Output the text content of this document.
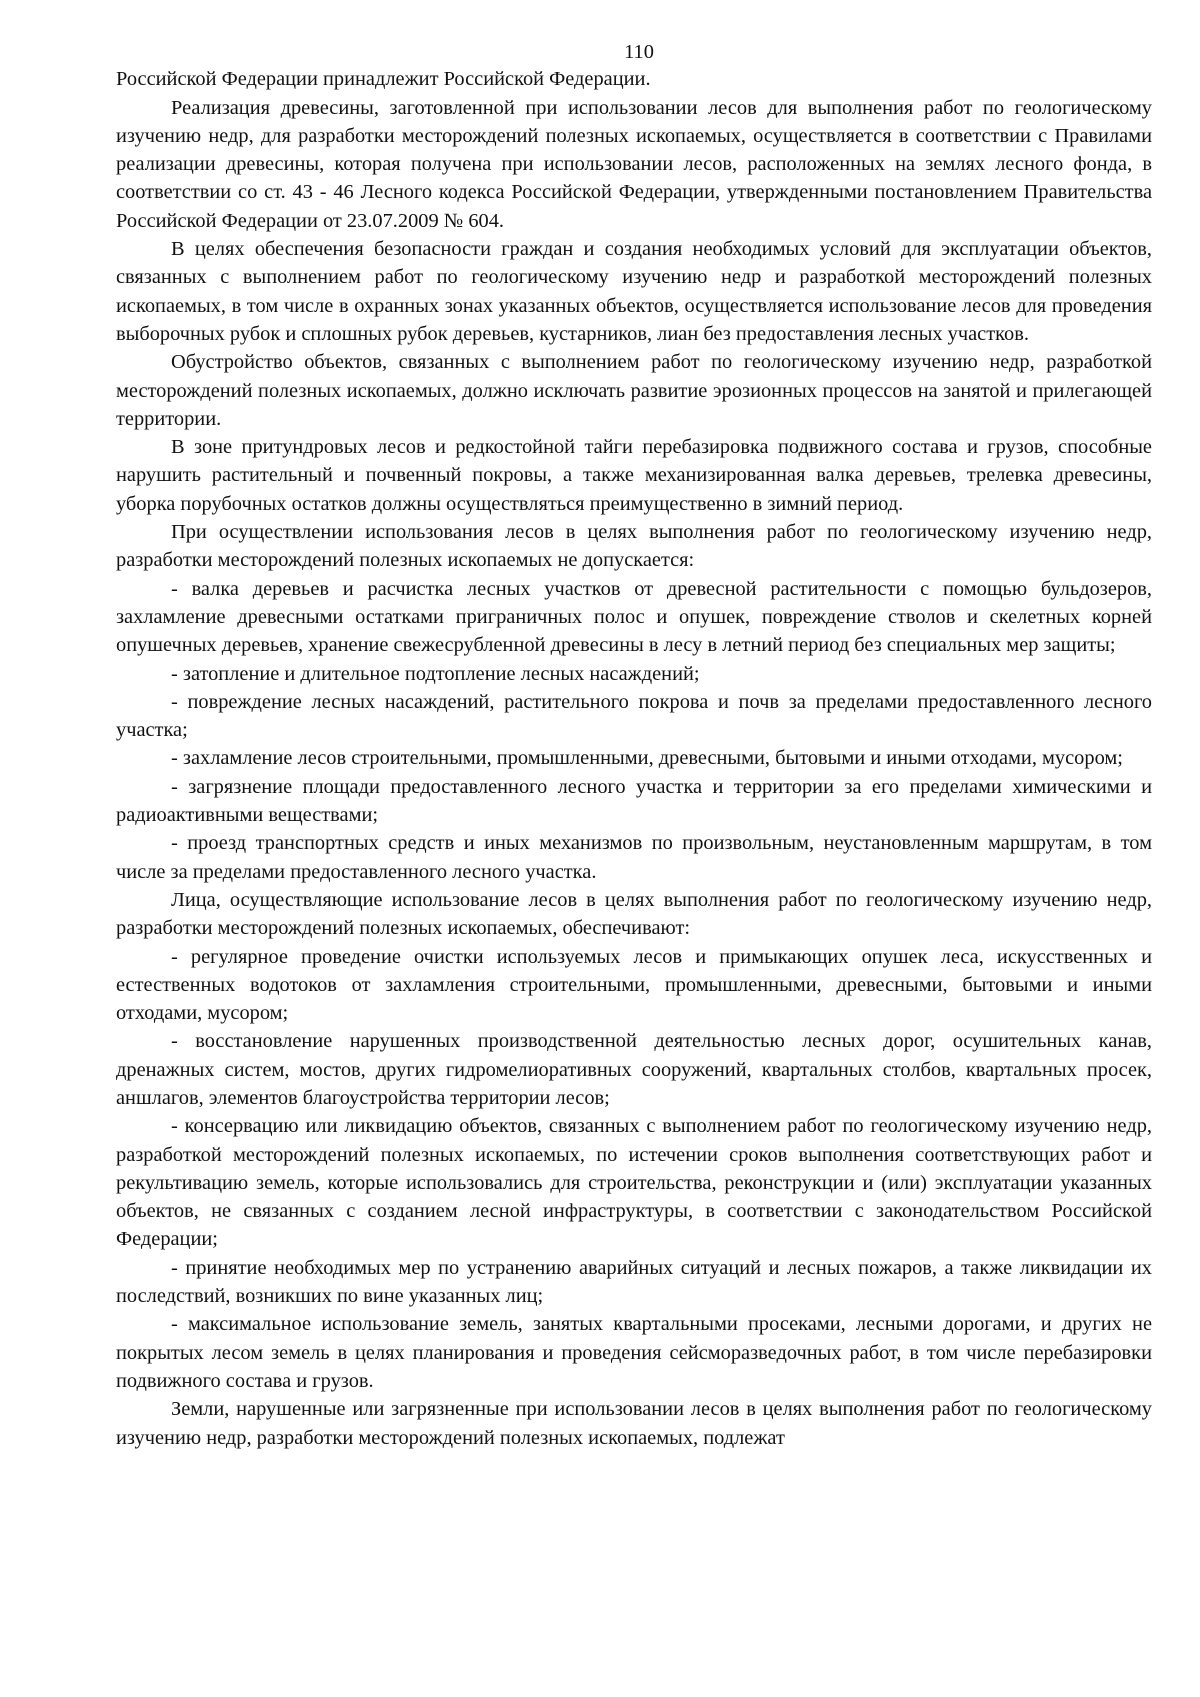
110

Российской Федерации принадлежит Российской Федерации.

Реализация древесины, заготовленной при использовании лесов для выполнения работ по геологическому изучению недр, для разработки месторождений полезных ископаемых, осуществляется в соответствии с Правилами реализации древесины, которая получена при использовании лесов, расположенных на землях лесного фонда, в соответствии со ст. 43 - 46 Лесного кодекса Российской Федерации, утвержденными постановлением Правительства Российской Федерации от 23.07.2009 № 604.

В целях обеспечения безопасности граждан и создания необходимых условий для эксплуатации объектов, связанных с выполнением работ по геологическому изучению недр и разработкой месторождений полезных ископаемых, в том числе в охранных зонах указанных объектов, осуществляется использование лесов для проведения выборочных рубок и сплошных рубок деревьев, кустарников, лиан без предоставления лесных участков.

Обустройство объектов, связанных с выполнением работ по геологическому изучению недр, разработкой месторождений полезных ископаемых, должно исключать развитие эрозионных процессов на занятой и прилегающей территории.

В зоне притундровых лесов и редкостойной тайги перебазировка подвижного состава и грузов, способные нарушить растительный и почвенный покровы, а также механизированная валка деревьев, трелевка древесины, уборка порубочных остатков должны осуществляться преимущественно в зимний период.

При осуществлении использования лесов в целях выполнения работ по геологическому изучению недр, разработки месторождений полезных ископаемых не допускается:

- валка деревьев и расчистка лесных участков от древесной растительности с помощью бульдозеров, захламление древесными остатками приграничных полос и опушек, повреждение стволов и скелетных корней опушечных деревьев, хранение свежесрубленной древесины в лесу в летний период без специальных мер защиты;

- затопление и длительное подтопление лесных насаждений;

- повреждение лесных насаждений, растительного покрова и почв за пределами предоставленного лесного участка;

- захламление лесов строительными, промышленными, древесными, бытовыми и иными отходами, мусором;

- загрязнение площади предоставленного лесного участка и территории за его пределами химическими и радиоактивными веществами;

- проезд транспортных средств и иных механизмов по произвольным, неустановленным маршрутам, в том числе за пределами предоставленного лесного участка.

Лица, осуществляющие использование лесов в целях выполнения работ по геологическому изучению недр, разработки месторождений полезных ископаемых, обеспечивают:

- регулярное проведение очистки используемых лесов и примыкающих опушек леса, искусственных и естественных водотоков от захламления строительными, промышленными, древесными, бытовыми и иными отходами, мусором;

- восстановление нарушенных производственной деятельностью лесных дорог, осушительных канав, дренажных систем, мостов, других гидромелиоративных сооружений, квартальных столбов, квартальных просек, аншлагов, элементов благоустройства территории лесов;

- консервацию или ликвидацию объектов, связанных с выполнением работ по геологическому изучению недр, разработкой месторождений полезных ископаемых, по истечении сроков выполнения соответствующих работ и рекультивацию земель, которые использовались для строительства, реконструкции и (или) эксплуатации указанных объектов, не связанных с созданием лесной инфраструктуры, в соответствии с законодательством Российской Федерации;

- принятие необходимых мер по устранению аварийных ситуаций и лесных пожаров, а также ликвидации их последствий, возникших по вине указанных лиц;

- максимальное использование земель, занятых квартальными просеками, лесными дорогами, и других не покрытых лесом земель в целях планирования и проведения сейсморазведочных работ, в том числе перебазировки подвижного состава и грузов.

Земли, нарушенные или загрязненные при использовании лесов в целях выполнения работ по геологическому изучению недр, разработки месторождений полезных ископаемых, подлежат
